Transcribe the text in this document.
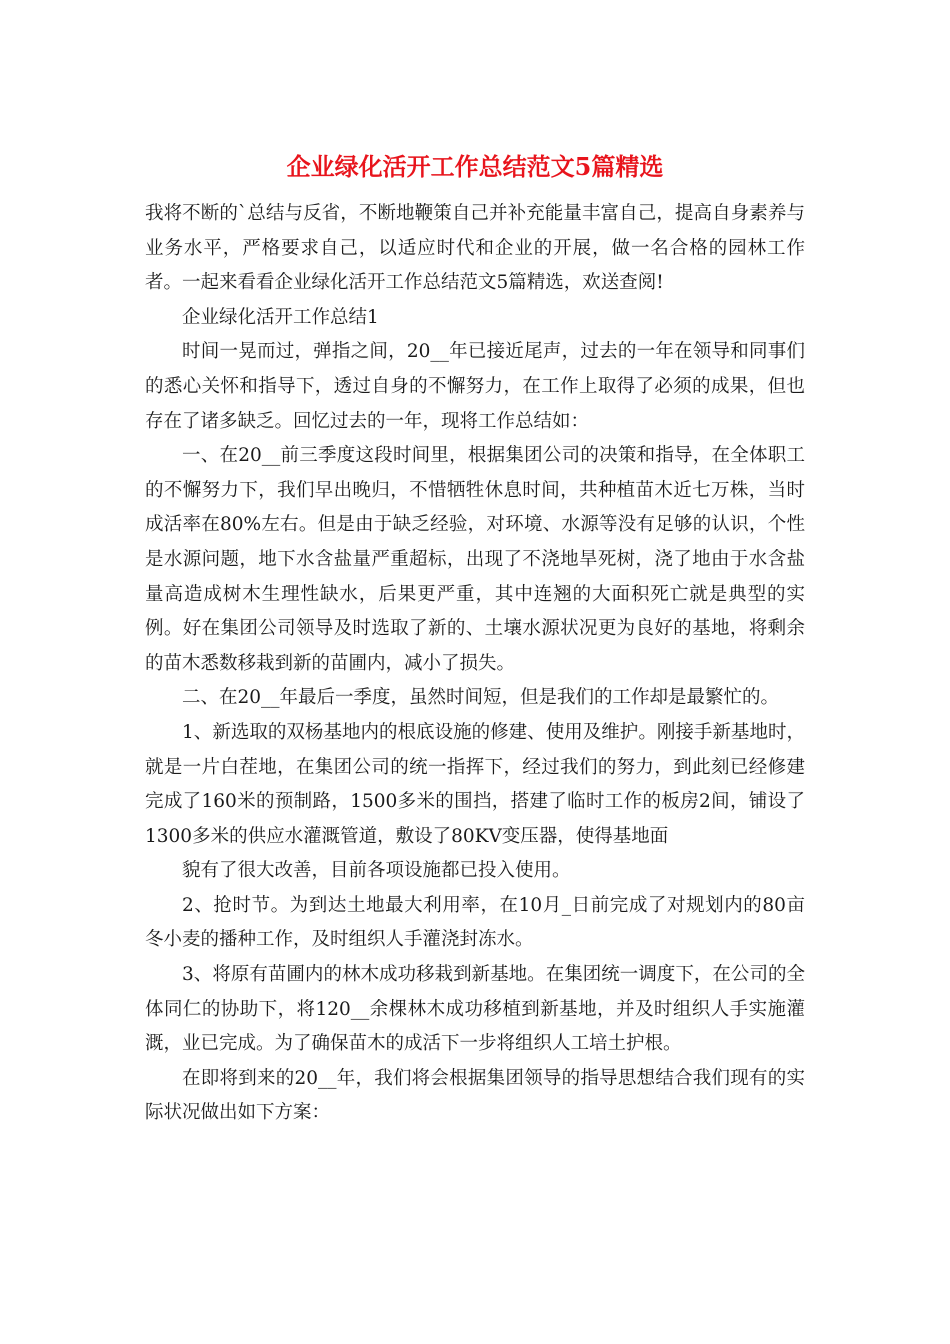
企业绿化活开工作总结范文5篇精选

我将不断的`总结与反省，不断地鞭策自己并补充能量丰富自己，提高自身素养与业务水平，严格要求自己，以适应时代和企业的开展，做一名合格的园林工作者。一起来看看企业绿化活开工作总结范文5篇精选，欢送查阅!

企业绿化活开工作总结1

时间一晃而过，弹指之间，20__年已接近尾声，过去的一年在领导和同事们的悉心关怀和指导下，透过自身的不懈努力，在工作上取得了必须的成果，但也存在了诸多缺乏。回忆过去的一年，现将工作总结如：

一、在20__前三季度这段时间里，根据集团公司的决策和指导，在全体职工的不懈努力下，我们早出晚归，不惜牺牲休息时间，共种植苗木近七万株，当时成活率在80%左右。但是由于缺乏经验，对环境、水源等没有足够的认识，个性是水源问题，地下水含盐量严重超标，出现了不浇地旱死树，浇了地由于水含盐量高造成树木生理性缺水，后果更严重，其中连翘的大面积死亡就是典型的实例。好在集团公司领导及时选取了新的、土壤水源状况更为良好的基地，将剩余的苗木悉数移栽到新的苗圃内，减小了损失。

二、在20__年最后一季度，虽然时间短，但是我们的工作却是最繁忙的。

1、新选取的双杨基地内的根底设施的修建、使用及维护。刚接手新基地时，就是一片白茬地，在集团公司的统一指挥下，经过我们的努力，到此刻已经修建完成了160米的预制路，1500多米的围挡，搭建了临时工作的板房2间，铺设了1300多米的供应水灌溉管道，敷设了80KV变压器，使得基地面

貌有了很大改善，目前各项设施都已投入使用。

2、抢时节。为到达土地最大利用率，在10月_日前完成了对规划内的80亩冬小麦的播种工作，及时组织人手灌浇封冻水。

3、将原有苗圃内的林木成功移栽到新基地。在集团统一调度下，在公司的全体同仁的协助下，将120__余棵林木成功移植到新基地，并及时组织人手实施灌溉，业已完成。为了确保苗木的成活下一步将组织人工培土护根。

在即将到来的20__年，我们将会根据集团领导的指导思想结合我们现有的实际状况做出如下方案：
